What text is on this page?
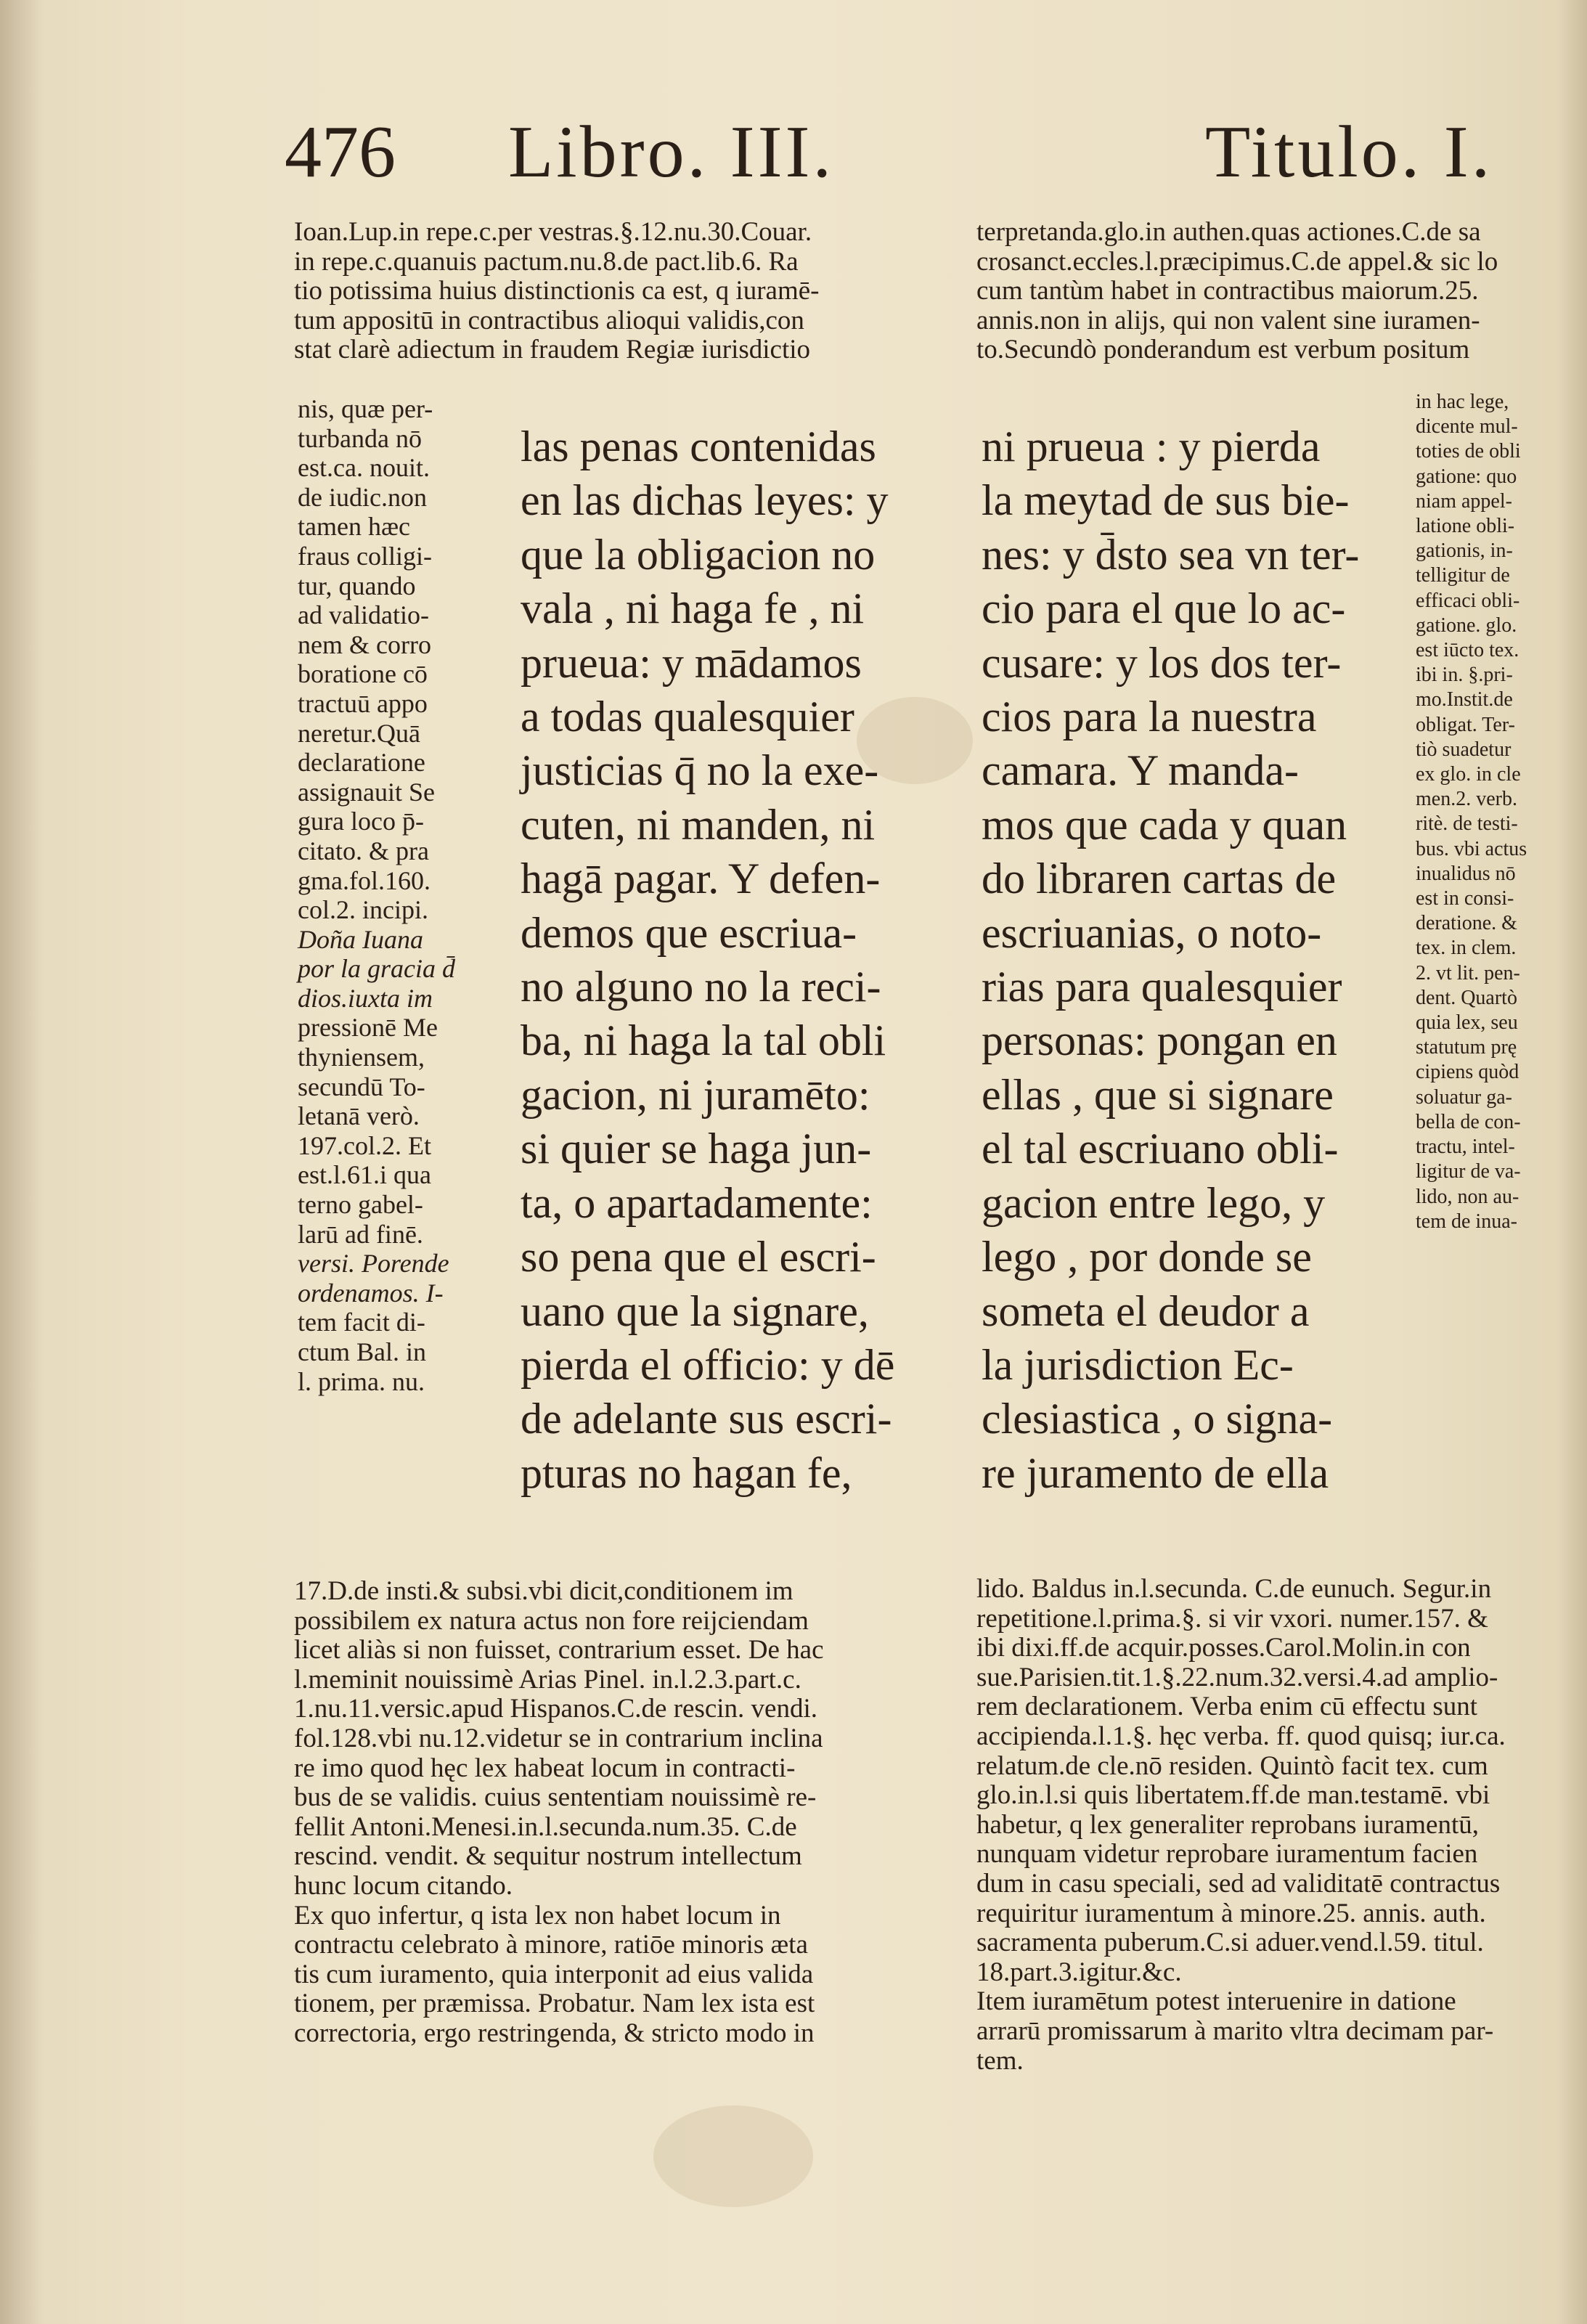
476 Libro. III.	Titulo. I.
Ioan.Lup.in repe.c.per vestras.§.12.nu.30.Couar.
in repe.c.quanuis pactum.nu.8.de pact.lib.6. Ra
tio potissima huius distinctionis ca est, q iuramē-
tum appositū in contractibus alioqui validis,con
stat clarè adiectum in fraudem Regiæ iurisdictio
nis, quæ per-
turbanda nō
est.ca. nouit.
de iudic.non
tamen hæc
fraus colligi-
tur, quando
ad validatio-
nem & corro
boratione cō
tractuū appo
neretur.Quā
declaratione
assignauit Se
gura loco p̄-
citato. & pra
gma.fol.160.
col.2. incipi.
Doña Iuana
por la gracia d̄
dios.iuxta im
pressionē Me
thyniensem,
secundū To-
letanā verò.
197.col.2. Et
est.l.61.i qua
terno gabel-
larū ad finē.
versi. Porende
ordenamos. I-
tem facit di-
ctum Bal. in
l. prima. nu.
las penas contenidas
en las dichas leyes: y
que la obligacion no
vala , ni haga fe , ni
prueua: y mādamos
a todas qualesquier
justicias q̄ no la exe-
cuten, ni manden, ni
hagā pagar. Y defen-
demos que escriua-
no alguno no la reci-
ba, ni haga la tal obli
gacion, ni juramēto:
si quier se haga jun-
ta, o apartadamente:
so pena que el escri-
uano que la signare,
pierda el officio: y dē
de adelante sus escri-
pturas no hagan fe,
17.D.de insti.& subsi.vbi dicit,conditionem im
possibilem ex natura actus non fore reijciendam
licet aliàs si non fuisset, contrarium esset. De hac
l.meminit nouissimè Arias Pinel. in.l.2.3.part.c.
1.nu.11.versic.apud Hispanos.C.de rescin. vendi.
fol.128.vbi nu.12.videtur se in contrarium inclina
re imo quod hęc lex habeat locum in contracti-
bus de se validis. cuius sententiam nouissimè re-
fellit Antoni.Menesi.in.l.secunda.num.35. C.de
rescind. vendit. & sequitur nostrum intellectum
hunc locum citando.
Ex quo infertur, q ista lex non habet locum in
contractu celebrato à minore, ratiōe minoris æta
tis cum iuramento, quia interponit ad eius valida
tionem, per præmissa. Probatur. Nam lex ista est
correctoria, ergo restringenda, & stricto modo in
terpretanda.glo.in authen.quas actiones.C.de sa
crosanct.eccles.l.præcipimus.C.de appel.& sic lo
cum tantùm habet in contractibus maiorum.25.
annis.non in alijs, qui non valent sine iuramen-
to.Secundò ponderandum est verbum positum
ni prueua : y pierda
la meytad de sus bie-
nes: y d̄sto sea vn ter-
cio para el que lo ac-
cusare: y los dos ter-
cios para la nuestra
camara. Y manda-
mos que cada y quan
do libraren cartas de
escriuanias, o noto-
rias para qualesquier
personas: pongan en
ellas , que si signare
el tal escriuano obli-
gacion entre lego, y
lego , por donde se
someta el deudor a
la jurisdiction Ec-
clesiastica , o signa-
re juramento de ella
in hac lege,
dicente mul-
toties de obli
gatione: quo
niam appel-
latione obli-
gationis, in-
telligitur de
efficaci obli-
gatione. glo.
est iūcto tex.
ibi in. §.pri-
mo.Instit.de
obligat. Ter-
tiò suadetur
ex glo. in cle
men.2. verb.
ritè. de testi-
bus. vbi actus
inualidus nō
est in consi-
deratione. &
tex. in clem.
2. vt lit. pen-
dent. Quartò
quia lex, seu
statutum prę
cipiens quòd
soluatur ga-
bella de con-
tractu, intel-
ligitur de va-
lido, non au-
tem de inua-
lido. Baldus in.l.secunda. C.de eunuch. Segur.in
repetitione.l.prima.§. si vir vxori. numer.157. &
ibi dixi.ff.de acquir.posses.Carol.Molin.in con
sue.Parisien.tit.1.§.22.num.32.versi.4.ad amplio-
rem declarationem. Verba enim cū effectu sunt
accipienda.l.1.§. hęc verba. ff. quod quisq; iur.ca.
relatum.de cle.nō residen. Quintò facit tex. cum
glo.in.l.si quis libertatem.ff.de man.testamē. vbi
habetur, q lex generaliter reprobans iuramentū,
nunquam videtur reprobare iuramentum facien
dum in casu speciali, sed ad validitatē contractus
requiritur iuramentum à minore.25. annis. auth.
sacramenta puberum.C.si aduer.vend.l.59. titul.
18.part.3.igitur.&c.
Item iuramētum potest interuenire in datione
arrarū promissarum à marito vltra decimam par-
tem.
